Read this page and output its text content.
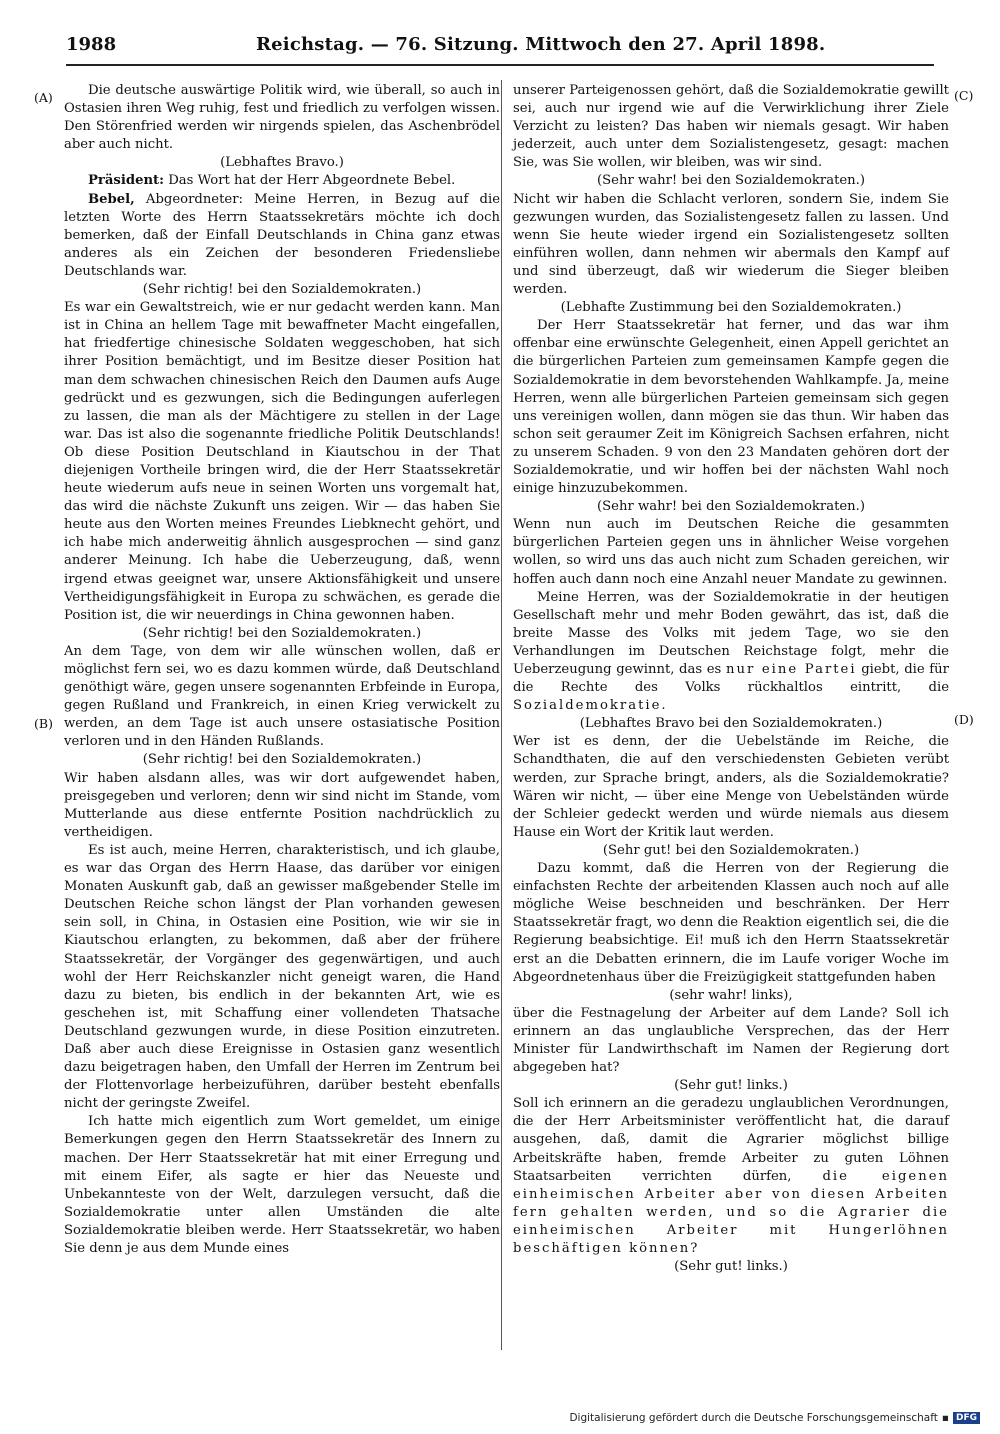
1988	Reichstag. — 76. Sitzung. Mittwoch den 27. April 1898.
(A)
(B)
(C)
(D)

Die deutsche auswärtige Politik wird, wie überall, so auch in Ostasien ihren Weg ruhig, fest und friedlich zu verfolgen wissen. Den Störenfried werden wir nirgends spielen, das Aschenbrödel aber auch nicht.

(Lebhaftes Bravo.)

Präsident: Das Wort hat der Herr Abgeordnete Bebel.

Bebel, Abgeordneter: Meine Herren, in Bezug auf die letzten Worte des Herrn Staatssekretärs möchte ich doch bemerken, daß der Einfall Deutschlands in China ganz etwas anderes als ein Zeichen der besonderen Friedensliebe Deutschlands war.

(Sehr richtig! bei den Sozialdemokraten.)

Es war ein Gewaltstreich, wie er nur gedacht werden kann. Man ist in China an hellem Tage mit bewaffneter Macht eingefallen, hat friedfertige chinesische Soldaten weggeschoben, hat sich ihrer Position bemächtigt, und im Besitze dieser Position hat man dem schwachen chinesischen Reich den Daumen aufs Auge gedrückt und es gezwungen, sich die Bedingungen auferlegen zu lassen, die man als der Mächtigere zu stellen in der Lage war. Das ist also die sogenannte friedliche Politik Deutschlands! Ob diese Position Deutschland in Kiautschou in der That diejenigen Vortheile bringen wird, die der Herr Staatssekretär heute wiederum aufs neue in seinen Worten uns vorgemalt hat, das wird die nächste Zukunft uns zeigen. Wir — das haben Sie heute aus den Worten meines Freundes Liebknecht gehört, und ich habe mich anderweitig ähnlich ausgesprochen — sind ganz anderer Meinung. Ich habe die Ueberzeugung, daß, wenn irgend etwas geeignet war, unsere Aktionsfähigkeit und unsere Vertheidigungsfähigkeit in Europa zu schwächen, es gerade die Position ist, die wir neuerdings in China gewonnen haben.

(Sehr richtig! bei den Sozialdemokraten.)

An dem Tage, von dem wir alle wünschen wollen, daß er möglichst fern sei, wo es dazu kommen würde, daß Deutschland genöthigt wäre, gegen unsere sogenannten Erbfeinde in Europa, gegen Rußland und Frankreich, in einen Krieg verwickelt zu werden, an dem Tage ist auch unsere ostasiatische Position verloren und in den Händen Rußlands.

(Sehr richtig! bei den Sozialdemokraten.)

Wir haben alsdann alles, was wir dort aufgewendet haben, preisgegeben und verloren; denn wir sind nicht im Stande, vom Mutterlande aus diese entfernte Position nachdrücklich zu vertheidigen.

Es ist auch, meine Herren, charakteristisch, und ich glaube, es war das Organ des Herrn Haase, das darüber vor einigen Monaten Auskunft gab, daß an gewisser maßgebender Stelle im Deutschen Reiche schon längst der Plan vorhanden gewesen sein soll, in China, in Ostasien eine Position, wie wir sie in Kiautschou erlangten, zu bekommen, daß aber der frühere Staatssekretär, der Vorgänger des gegenwärtigen, und auch wohl der Herr Reichskanzler nicht geneigt waren, die Hand dazu zu bieten, bis endlich in der bekannten Art, wie es geschehen ist, mit Schaffung einer vollendeten Thatsache Deutschland gezwungen wurde, in diese Position einzutreten. Daß aber auch diese Ereignisse in Ostasien ganz wesentlich dazu beigetragen haben, den Umfall der Herren im Zentrum bei der Flottenvorlage herbeizuführen, darüber besteht ebenfalls nicht der geringste Zweifel.

Ich hatte mich eigentlich zum Wort gemeldet, um einige Bemerkungen gegen den Herrn Staatssekretär des Innern zu machen. Der Herr Staatssekretär hat mit einer Erregung und mit einem Eifer, als sagte er hier das Neueste und Unbekannteste von der Welt, darzulegen versucht, daß die Sozialdemokratie unter allen Umständen die alte Sozialdemokratie bleiben werde. Herr Staatssekretär, wo haben Sie denn je aus dem Munde eines

unserer Parteigenossen gehört, daß die Sozialdemokratie gewillt sei, auch nur irgend wie auf die Verwirklichung ihrer Ziele Verzicht zu leisten? Das haben wir niemals gesagt. Wir haben jederzeit, auch unter dem Sozialistengesetz, gesagt: machen Sie, was Sie wollen, wir bleiben, was wir sind.

(Sehr wahr! bei den Sozialdemokraten.)

Nicht wir haben die Schlacht verloren, sondern Sie, indem Sie gezwungen wurden, das Sozialistengesetz fallen zu lassen. Und wenn Sie heute wieder irgend ein Sozialistengesetz sollten einführen wollen, dann nehmen wir abermals den Kampf auf und sind überzeugt, daß wir wiederum die Sieger bleiben werden.

(Lebhafte Zustimmung bei den Sozialdemokraten.)

Der Herr Staatssekretär hat ferner, und das war ihm offenbar eine erwünschte Gelegenheit, einen Appell gerichtet an die bürgerlichen Parteien zum gemeinsamen Kampfe gegen die Sozialdemokratie in dem bevorstehenden Wahlkampfe. Ja, meine Herren, wenn alle bürgerlichen Parteien gemeinsam sich gegen uns vereinigen wollen, dann mögen sie das thun. Wir haben das schon seit geraumer Zeit im Königreich Sachsen erfahren, nicht zu unserem Schaden. 9 von den 23 Mandaten gehören dort der Sozialdemokratie, und wir hoffen bei der nächsten Wahl noch einige hinzuzubekommen.

(Sehr wahr! bei den Sozialdemokraten.)

Wenn nun auch im Deutschen Reiche die gesammten bürgerlichen Parteien gegen uns in ähnlicher Weise vorgehen wollen, so wird uns das auch nicht zum Schaden gereichen, wir hoffen auch dann noch eine Anzahl neuer Mandate zu gewinnen.

Meine Herren, was der Sozialdemokratie in der heutigen Gesellschaft mehr und mehr Boden gewährt, das ist, daß die breite Masse des Volks mit jedem Tage, wo sie den Verhandlungen im Deutschen Reichstage folgt, mehr die Ueberzeugung gewinnt, das es nur eine Partei giebt, die für die Rechte des Volks rückhaltlos eintritt, die Sozialdemokratie.

(Lebhaftes Bravo bei den Sozialdemokraten.)

Wer ist es denn, der die Uebelstände im Reiche, die Schandthaten, die auf den verschiedensten Gebieten verübt werden, zur Sprache bringt, anders, als die Sozialdemokratie? Wären wir nicht, — über eine Menge von Uebelständen würde der Schleier gedeckt werden und würde niemals aus diesem Hause ein Wort der Kritik laut werden.

(Sehr gut! bei den Sozialdemokraten.)

Dazu kommt, daß die Herren von der Regierung die einfachsten Rechte der arbeitenden Klassen auch noch auf alle mögliche Weise beschneiden und beschränken. Der Herr Staatssekretär fragt, wo denn die Reaktion eigentlich sei, die die Regierung beabsichtige. Ei! muß ich den Herrn Staatssekretär erst an die Debatten erinnern, die im Laufe voriger Woche im Abgeordnetenhaus über die Freizügigkeit stattgefunden haben

(sehr wahr! links),

über die Festnagelung der Arbeiter auf dem Lande? Soll ich erinnern an das unglaubliche Versprechen, das der Herr Minister für Landwirthschaft im Namen der Regierung dort abgegeben hat?

(Sehr gut! links.)

Soll ich erinnern an die geradezu unglaublichen Verordnungen, die der Herr Arbeitsminister veröffentlicht hat, die darauf ausgehen, daß, damit die Agrarier möglichst billige Arbeitskräfte haben, fremde Arbeiter zu guten Löhnen Staatsarbeiten verrichten dürfen, die eigenen einheimischen Arbeiter aber von diesen Arbeiten fern gehalten werden, und so die Agrarier die einheimischen Arbeiter mit Hungerlöhnen beschäftigen können?

(Sehr gut! links.)

Digitalisierung gefördert durch die Deutsche Forschungsgemeinschaft ▪ DFG
